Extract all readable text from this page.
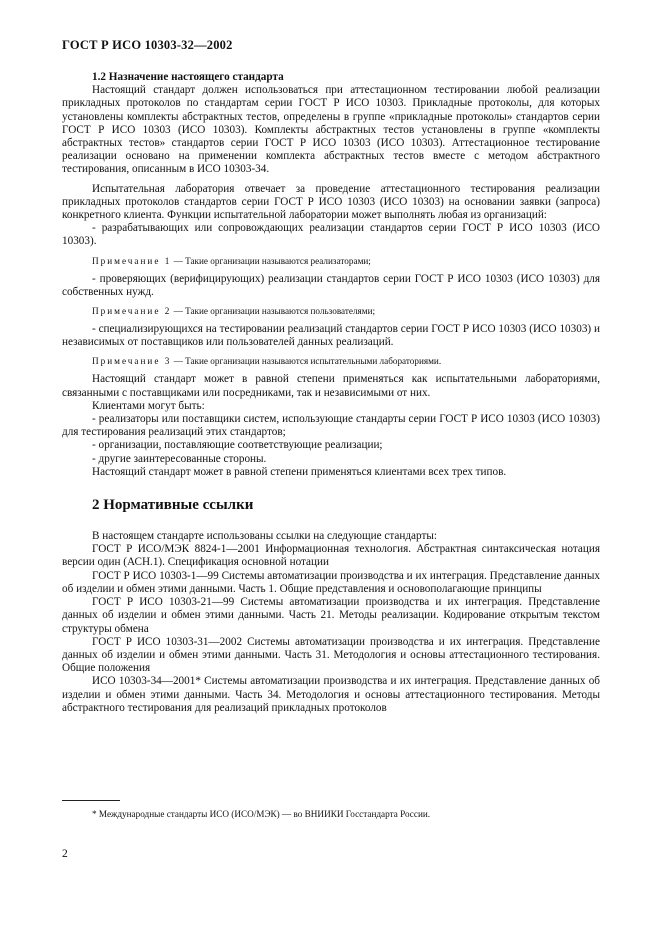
ГОСТ Р ИСО 10303-32—2002
1.2 Назначение настоящего стандарта

Настоящий стандарт должен использоваться при аттестационном тестировании любой реализации прикладных протоколов по стандартам серии ГОСТ Р ИСО 10303. Прикладные протоколы, для которых установлены комплекты абстрактных тестов, определены в группе «прикладные протоколы» стандартов серии ГОСТ Р ИСО 10303 (ИСО 10303). Комплекты абстрактных тестов установлены в группе «комплекты абстрактных тестов» стандартов серии ГОСТ Р ИСО 10303 (ИСО 10303). Аттестационное тестирование реализации основано на применении комплекта абстрактных тестов вместе с методом абстрактного тестирования, описанным в ИСО 10303-34.

Испытательная лаборатория отвечает за проведение аттестационного тестирования реализации прикладных протоколов стандартов серии ГОСТ Р ИСО 10303 (ИСО 10303) на основании заявки (запроса) конкретного клиента. Функции испытательной лаборатории может выполнять любая из организаций:

- разрабатывающих или сопровождающих реализации стандартов серии ГОСТ Р ИСО 10303 (ИСО 10303).

Примечание 1 — Такие организации называются реализаторами;

- проверяющих (верифицирующих) реализации стандартов серии ГОСТ Р ИСО 10303 (ИСО 10303) для собственных нужд.

Примечание 2 — Такие организации называются пользователями;

- специализирующихся на тестировании реализаций стандартов серии ГОСТ Р ИСО 10303 (ИСО 10303) и независимых от поставщиков или пользователей данных реализаций.

Примечание 3 — Такие организации называются испытательными лабораториями.

Настоящий стандарт может в равной степени применяться как испытательными лабораториями, связанными с поставщиками или посредниками, так и независимыми от них.

Клиентами могут быть:

- реализаторы или поставщики систем, использующие стандарты серии ГОСТ Р ИСО 10303 (ИСО 10303) для тестирования реализаций этих стандартов;

- организации, поставляющие соответствующие реализации;

- другие заинтересованные стороны.

Настоящий стандарт может в равной степени применяться клиентами всех трех типов.

2 Нормативные ссылки

В настоящем стандарте использованы ссылки на следующие стандарты:

ГОСТ Р ИСО/МЭК 8824-1—2001 Информационная технология. Абстрактная синтаксическая нотация версии один (АСН.1). Спецификация основной нотации

ГОСТ Р ИСО 10303-1—99 Системы автоматизации производства и их интеграция. Представление данных об изделии и обмен этими данными. Часть 1. Общие представления и основополагающие принципы

ГОСТ Р ИСО 10303-21—99 Системы автоматизации производства и их интеграция. Представление данных об изделии и обмен этими данными. Часть 21. Методы реализации. Кодирование открытым текстом структуры обмена

ГОСТ Р ИСО 10303-31—2002 Системы автоматизации производства и их интеграция. Представление данных об изделии и обмен этими данными. Часть 31. Методология и основы аттестационного тестирования. Общие положения

ИСО 10303-34—2001* Системы автоматизации производства и их интеграция. Представление данных об изделии и обмен этими данными. Часть 34. Методология и основы аттестационного тестирования. Методы абстрактного тестирования для реализаций прикладных протоколов

* Международные стандарты ИСО (ИСО/МЭК) — во ВНИИКИ Госстандарта России.
2
